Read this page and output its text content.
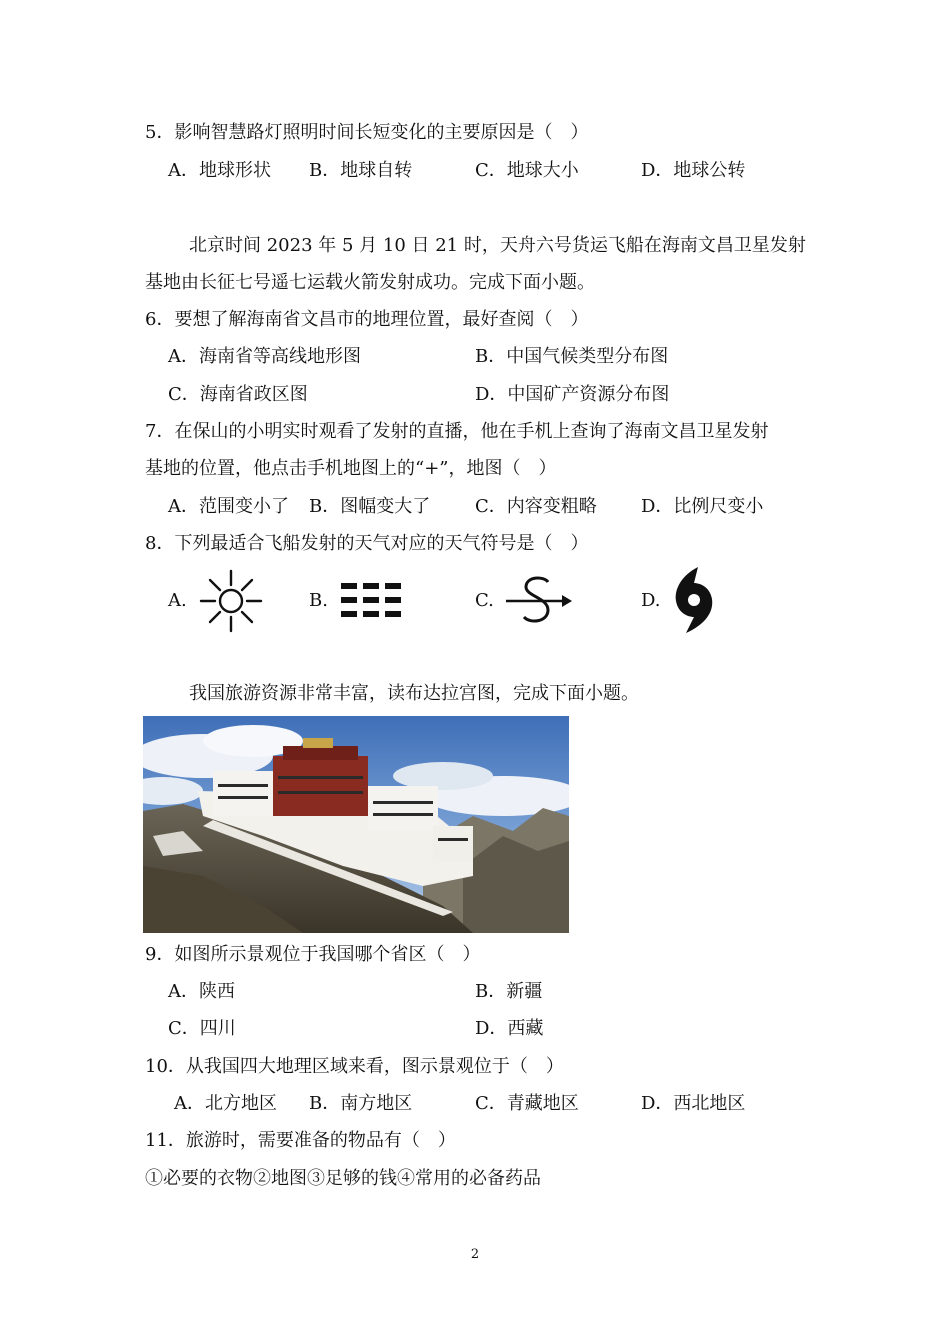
5．影响智慧路灯照明时间长短变化的主要原因是（　）
A．地球形状 B．地球自转	C．地球大小	D．地球公转
北京时间 2023 年 5 月 10 日 21 时，天舟六号货运飞船在海南文昌卫星发射
基地由长征七号遥七运载火箭发射成功。完成下面小题。
6．要想了解海南省文昌市的地理位置，最好查阅（　）
A．海南省等高线地形图	B．中国气候类型分布图
C．海南省政区图	D．中国矿产资源分布图
7．在保山的小明实时观看了发射的直播，他在手机上查询了海南文昌卫星发射
基地的位置，他点击手机地图上的“+”，地图（　）
A．范围变小了 B．图幅变大了 C．内容变粗略 D．比例尺变小
8．下列最适合飞船发射的天气对应的天气符号是（　）
A.	B.	C.	D.
我国旅游资源非常丰富，读布达拉宫图，完成下面小题。
9．如图所示景观位于我国哪个省区（　）
A．陕西	B．新疆
C．四川	D．西藏
10．从我国四大地理区域来看，图示景观位于（　）
A．北方地区 B．南方地区	C．青藏地区	D．西北地区
11．旅游时，需要准备的物品有（　）
①必要的衣物②地图③足够的钱④常用的必备药品
2
